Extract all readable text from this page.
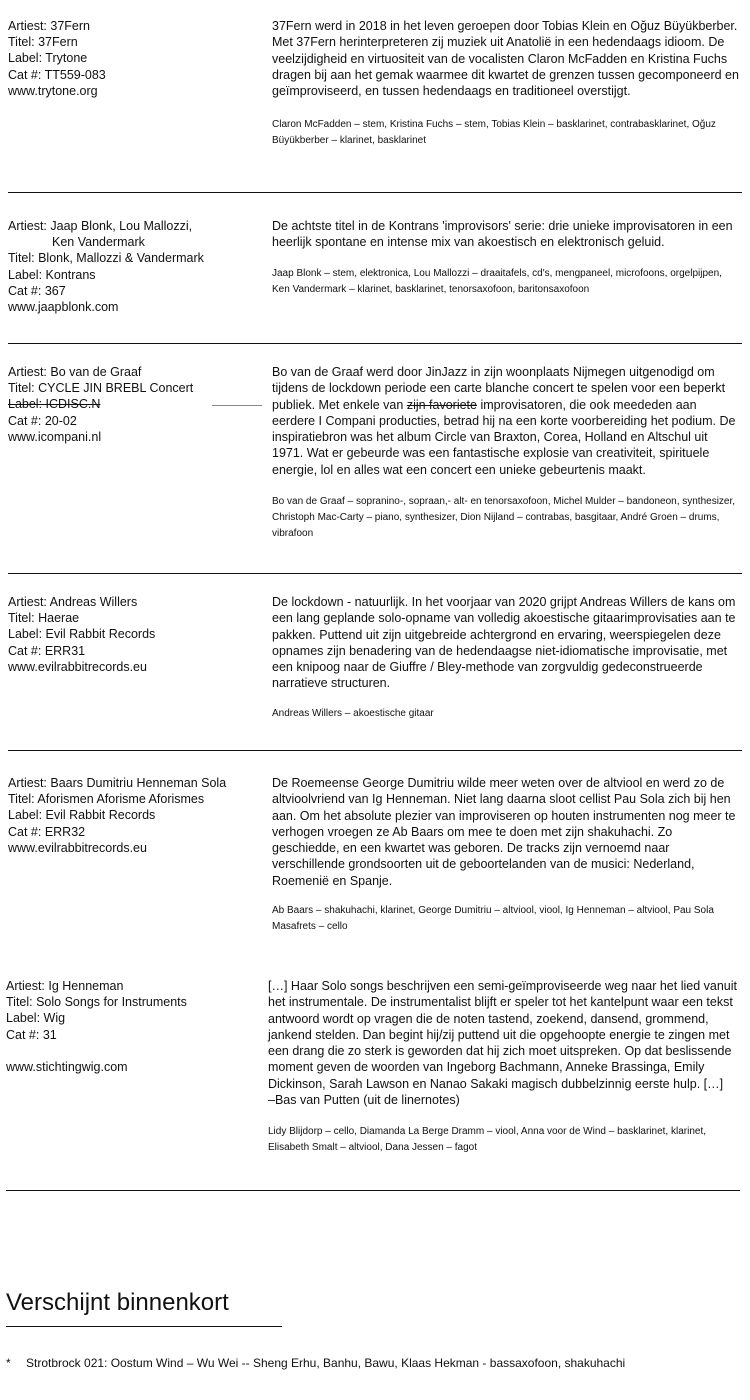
Artiest: 37Fern
Titel: 37Fern
Label: Trytone
Cat #: TT559-083
www.trytone.org

37Fern werd in 2018 in het leven geroepen door Tobias Klein en Oğuz Büyükberber. Met 37Fern herinterpreteren zij muziek uit Anatolië in een hedendaags idioom. De veelzijdigheid en virtuositeit van de vocalisten Claron McFadden en Kristina Fuchs dragen bij aan het gemak waarmee dit kwartet de grenzen tussen gecomponeerd en geïmproviseerd, en tussen hedendaags en traditioneel overstijgt.

Claron McFadden – stem, Kristina Fuchs – stem, Tobias Klein – basklarinet, contrabasklarinet, Oğuz Büyükberber – klarinet, basklarinet

Artiest: Jaap Blonk, Lou Mallozzi,
Ken Vandermark
Titel: Blonk, Mallozzi & Vandermark
Label: Kontrans
Cat #: 367
www.jaapblonk.com

De achtste titel in de Kontrans 'improvisors' serie: drie unieke improvisatoren in een heerlijk spontane en intense mix van akoestisch en elektronisch geluid.

Jaap Blonk – stem, elektronica, Lou Mallozzi – draaitafels, cd's, mengpaneel, microfoons, orgelpijpen, Ken Vandermark – klarinet, basklarinet, tenorsaxofoon, baritonsaxofoon

Artiest: Bo van de Graaf
Titel: CYCLE JIN BREBL Concert
Label: ICDISC.N
Cat #: 20-02
www.icompani.nl

Bo van de Graaf werd door JinJazz in zijn woonplaats Nijmegen uitgenodigd om tijdens de lockdown periode een carte blanche concert te spelen voor een beperkt publiek. Met enkele van zijn favoriete improvisatoren, die ook meededen aan eerdere I Compani producties, betrad hij na een korte voorbereiding het podium. De inspiratiebron was het album Circle van Braxton, Corea, Holland en Altschul uit 1971. Wat er gebeurde was een fantastische explosie van creativiteit, spirituele energie, lol en alles wat een concert een unieke gebeurtenis maakt.

Bo van de Graaf – sopranino-, sopraan,- alt- en tenorsaxofoon, Michel Mulder – bandoneon, synthesizer, Christoph Mac-Carty – piano, synthesizer, Dion Nijland – contrabas, basgitaar, André Groen – drums, vibrafoon

Artiest: Andreas Willers
Titel: Haerae
Label: Evil Rabbit Records
Cat #: ERR31
www.evilrabbitrecords.eu

De lockdown - natuurlijk. In het voorjaar van 2020 grijpt Andreas Willers de kans om een lang geplande solo-opname van volledig akoestische gitaarimprovisaties aan te pakken. Puttend uit zijn uitgebreide achtergrond en ervaring, weerspiegelen deze opnames zijn benadering van de hedendaagse niet-idiomatische improvisatie, met een knipoog naar de Giuffre / Bley-methode van zorgvuldig gedeconstrueerde narratieve structuren.

Andreas Willers – akoestische gitaar

Artiest: Baars Dumitriu Henneman Sola
Titel: Aforismen Aforisme Aforismes
Label: Evil Rabbit Records
Cat #: ERR32
www.evilrabbitrecords.eu

De Roemeense George Dumitriu wilde meer weten over de altviool en werd zo de altvioolvriend van Ig Henneman. Niet lang daarna sloot cellist Pau Sola zich bij hen aan. Om het absolute plezier van improviseren op houten instrumenten nog meer te verhogen vroegen ze Ab Baars om mee te doen met zijn shakuhachi. Zo geschiedde, en een kwartet was geboren. De tracks zijn vernoemd naar verschillende grondsoorten uit de geboortelanden van de musici: Nederland, Roemenië en Spanje.

Ab Baars – shakuhachi, klarinet, George Dumitriu – altviool, viool, Ig Henneman – altviool, Pau Sola Masafrets – cello

Artiest: Ig Henneman
Titel: Solo Songs for Instruments
Label: Wig
Cat #: 31
www.stichtingwig.com

[…] Haar Solo songs beschrijven een semi-geïmproviseerde weg naar het lied vanuit het instrumentale. De instrumentalist blijft er speler tot het kantelpunt waar een tekst antwoord wordt op vragen die de noten tastend, zoekend, dansend, grommend, jankend stelden. Dan begint hij/zij puttend uit die opgehoopte energie te zingen met een drang die zo sterk is geworden dat hij zich moet uitspreken. Op dat beslissende moment geven de woorden van Ingeborg Bachmann, Anneke Brassinga, Emily Dickinson, Sarah Lawson en Nanao Sakaki magisch dubbelzinnig eerste hulp. […]

–Bas van Putten (uit de linernotes)

Lidy Blijdorp – cello, Diamanda La Berge Dramm – viool, Anna voor de Wind – basklarinet, klarinet, Elisabeth Smalt – altviool, Dana Jessen – fagot

Verschijnt binnenkort
* Strotbrock 021: Oostum Wind – Wu Wei -- Sheng Erhu, Banhu, Bawu, Klaas Hekman - bassaxofoon, shakuhachi
